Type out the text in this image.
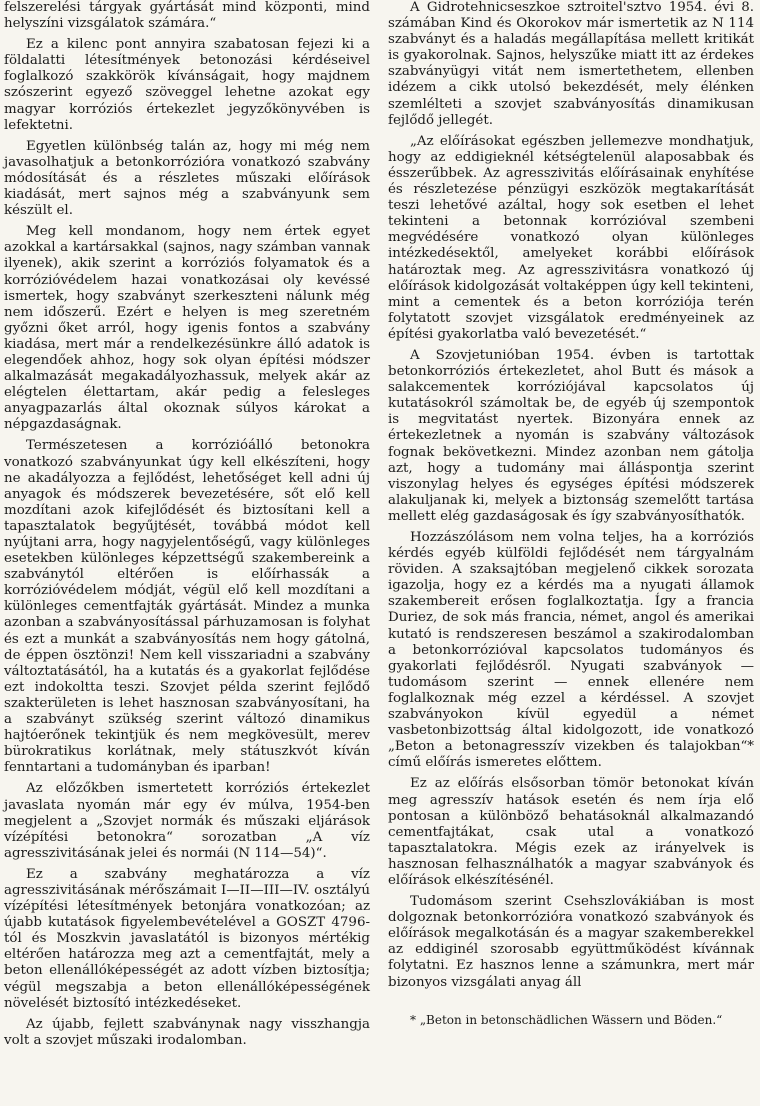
felszerelési tárgyak gyártását mind központi, mind helyszíni vizsgálatok számára.“

Ez a kilenc pont annyira szabatosan fejezi ki a földalatti létesítmények betonozási kérdéseivel foglalkozó szakkörök kívánságait, hogy majdnem szószerint egyező szöveggel lehetne azokat egy magyar korróziós értekezlet jegyzőkönyvében is lefektetni.

Egyetlen különbség talán az, hogy mi még nem javasolhatjuk a betonkorrózióra vonatkozó szabvány módosítását és a részletes műszaki előírások kiadását, mert sajnos még a szabványunk sem készült el.

Meg kell mondanom, hogy nem értek egyet azokkal a kartársakkal (sajnos, nagy számban vannak ilyenek), akik szerint a korróziós folyamatok és a korrózióvédelem hazai vonatkozásai oly kevéssé ismertek, hogy szabványt szerkeszteni nálunk még nem időszerű. Ezért e helyen is meg szeretném győzni őket arról, hogy igenis fontos a szabvány kiadása, mert már a rendelkezésünkre álló adatok is elegendőek ahhoz, hogy sok olyan építési módszer alkalmazását megakadályozhassuk, melyek akár az elégtelen élettartam, akár pedig a felesleges anyagpazarlás által okoznak súlyos károkat a népgazdaságnak.

Természetesen a korrózióálló betonokra vonatkozó szabványunkat úgy kell elkészíteni, hogy ne akadályozza a fejlődést, lehetőséget kell adni új anyagok és módszerek bevezetésére, sőt elő kell mozdítani azok kifejlődését és biztosítani kell a tapasztalatok begyűjtését, továbbá módot kell nyújtani arra, hogy nagyjelentőségű, vagy különleges esetekben különleges képzettségű szakembereink a szabványtól eltérően is előírhassák a korrózióvédelem módját, végül elő kell mozdítani a különleges cementfajták gyártását. Mindez a munka azonban a szabványosítással párhuzamosan is folyhat és ezt a munkát a szabványosítás nem hogy gátolná, de éppen ösztönzi! Nem kell visszariadni a szabvány változtatásától, ha a kutatás és a gyakorlat fejlődése ezt indokoltta teszi. Szovjet példa szerint fejlődő szakterületen is lehet hasznosan szabványosítani, ha a szabványt szükség szerint változó dinamikus hajtóerőnek tekintjük és nem megkövesült, merev bürokratikus korlátnak, mely státuszkvót kíván fenntartani a tudományban és iparban!

Az előzőkben ismertetett korróziós értekezlet javaslata nyomán már egy év múlva, 1954-ben megjelent a „Szovjet normák és műszaki eljárások vízépítési betonokra“ sorozatban „A víz agresszivitásának jelei és normái (N 114—54)“.

Ez a szabvány meghatározza a víz agresszivitásának mérőszámait I—II—III—IV. osztályú vízépítési létesítmények betonjára vonatkozóan; az újabb kutatások figyelembevételével a GOSZT 4796-tól és Moszkvin javaslatától is bizonyos mértékig eltérően határozza meg azt a cementfajtát, mely a beton ellenállóképességét az adott vízben biztosítja; végül megszabja a beton ellenállóképességének növelését biztosító intézkedéseket.

Az újabb, fejlett szabványnak nagy visszhangja volt a szovjet műszaki irodalomban.

A Gidrotehnicseszkoe sztroitel'sztvo 1954. évi 8. számában Kind és Okorokov már ismertetik az N 114 szabványt és a haladás megállapítása mellett kritikát is gyakorolnak. Sajnos, helyszűke miatt itt az érdekes szabványügyi vitát nem ismertethetem, ellenben idézem a cikk utolsó bekezdését, mely élénken szemlélteti a szovjet szabványosítás dinamikusan fejlődő jellegét.

„Az előírásokat egészben jellemezve mondhatjuk, hogy az eddigieknél kétségtelenül alaposabbak és ésszerűbbek. Az agresszivitás előírásainak enyhítése és részletezése pénzügyi eszközök megtakarítását teszi lehetővé azáltal, hogy sok esetben el lehet tekinteni a betonnak korrózióval szembeni megvédésére vonatkozó olyan különleges intézkedésektől, amelyeket korábbi előírások határoztak meg. Az agresszivitásra vonatkozó új előírások kidolgozását voltaképpen úgy kell tekinteni, mint a cementek és a beton korróziója terén folytatott szovjet vizsgálatok eredményeinek az építési gyakorlatba való bevezetését.“

A Szovjetunióban 1954. évben is tartottak betonkorróziós értekezletet, ahol Butt és mások a salakcementek korróziójával kapcsolatos új kutatásokról számoltak be, de egyéb új szempontok is megvitatást nyertek. Bizonyára ennek az értekezletnek a nyomán is szabvány változások fognak bekövetkezni. Mindez azonban nem gátolja azt, hogy a tudomány mai álláspontja szerint viszonylag helyes és egységes építési módszerek alakuljanak ki, melyek a biztonság szemelőtt tartása mellett elég gazdaságosak és így szabványosíthatók.

Hozzászólásom nem volna teljes, ha a korróziós kérdés egyéb külföldi fejlődését nem tárgyalnám röviden. A szaksajtóban megjelenő cikkek sorozata igazolja, hogy ez a kérdés ma a nyugati államok szakembereit erősen foglalkoztatja. Így a francia Duriez, de sok más francia, német, angol és amerikai kutató is rendszeresen beszámol a szakirodalomban a betonkorrózióval kapcsolatos tudományos és gyakorlati fejlődésről. Nyugati szabványok — tudomásom szerint — ennek ellenére nem foglalkoznak még ezzel a kérdéssel. A szovjet szabványokon kívül egyedül a német vasbetonbizottság által kidolgozott, ide vonatkozó „Beton a betonagresszív vizekben és talajokban“* című előírás ismeretes előttem.

Ez az előírás elsősorban tömör betonokat kíván meg agresszív hatások esetén és nem írja elő pontosan a különböző behatásoknál alkalmazandó cementfajtákat, csak utal a vonatkozó tapasztalatokra. Mégis ezek az irányelvek is hasznosan felhasználhatók a magyar szabványok és előírások elkészítésénél.

Tudomásom szerint Csehszlovákiában is most dolgoznak betonkorrózióra vonatkozó szabványok és előírások megalkotásán és a magyar szakemberekkel az eddiginél szorosabb együttműködést kívánnak folytatni. Ez hasznos lenne a számunkra, mert már bizonyos vizsgálati anyag áll

* „Beton in betonschädlichen Wässern und Böden.“
